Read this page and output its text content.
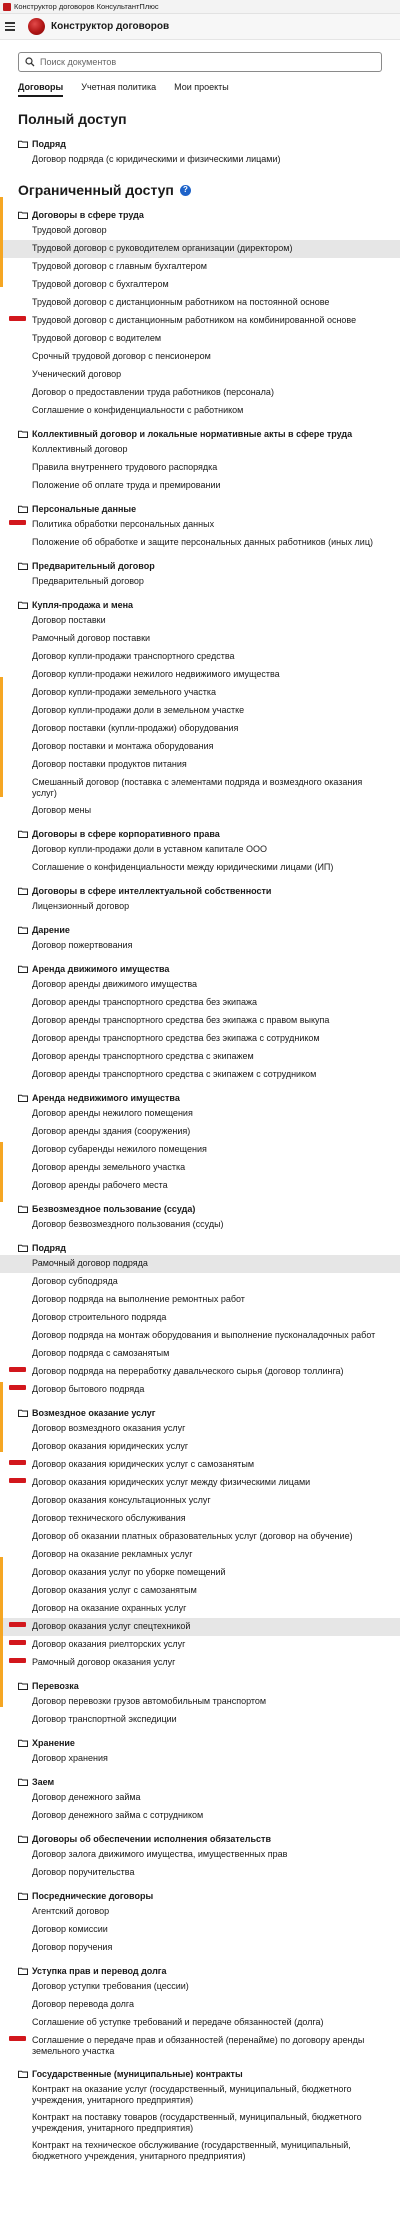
Конструктор договоров КонсультантПлюс
Конструктор договоров
Поиск документов
Договоры Учетная политика Мои проекты
Полный доступ
Подряд
Договор подряда (с юридическими и физическими лицами)
Ограниченный доступ	?
Договоры в сфере труда
Трудовой договор
Трудовой договор с руководителем организации (директором)
Трудовой договор с главным бухгалтером
Трудовой договор с бухгалтером
Трудовой договор с дистанционным работником на постоянной основе
Трудовой договор с дистанционным работником на комбинированной основе
Трудовой договор с водителем
Срочный трудовой договор с пенсионером
Ученический договор
Договор о предоставлении труда работников (персонала)
Соглашение о конфиденциальности с работником
Коллективный договор и локальные нормативные акты в сфере труда
Коллективный договор
Правила внутреннего трудового распорядка
Положение об оплате труда и премировании
Персональные данные
Политика обработки персональных данных
Положение об обработке и защите персональных данных работников (иных лиц)
Предварительный договор
Предварительный договор
Купля-продажа и мена
Договор поставки
Рамочный договор поставки
Договор купли-продажи транспортного средства
Договор купли-продажи нежилого недвижимого имущества
Договор купли-продажи земельного участка
Договор купли-продажи доли в земельном участке
Договор поставки (купли-продажи) оборудования
Договор поставки и монтажа оборудования
Договор поставки продуктов питания
Смешанный договор (поставка с элементами подряда и возмездного оказания услуг)
Договор мены
Договоры в сфере корпоративного права
Договор купли-продажи доли в уставном капитале ООО
Соглашение о конфиденциальности между юридическими лицами (ИП)
Договоры в сфере интеллектуальной собственности
Лицензионный договор
Дарение
Договор пожертвования
Аренда движимого имущества
Договор аренды движимого имущества
Договор аренды транспортного средства без экипажа
Договор аренды транспортного средства без экипажа с правом выкупа
Договор аренды транспортного средства без экипажа с сотрудником
Договор аренды транспортного средства с экипажем
Договор аренды транспортного средства с экипажем с сотрудником
Аренда недвижимого имущества
Договор аренды нежилого помещения
Договор аренды здания (сооружения)
Договор субаренды нежилого помещения
Договор аренды земельного участка
Договор аренды рабочего места
Безвозмездное пользование (ссуда)
Договор безвозмездного пользования (ссуды)
Подряд
Рамочный договор подряда
Договор субподряда
Договор подряда на выполнение ремонтных работ
Договор строительного подряда
Договор подряда на монтаж оборудования и выполнение пусконаладочных работ
Договор подряда с самозанятым
Договор подряда на переработку давальческого сырья (договор толлинга)
Договор бытового подряда
Возмездное оказание услуг
Договор возмездного оказания услуг
Договор оказания юридических услуг
Договор оказания юридических услуг с самозанятым
Договор оказания юридических услуг между физическими лицами
Договор оказания консультационных услуг
Договор технического обслуживания
Договор об оказании платных образовательных услуг (договор на обучение)
Договор на оказание рекламных услуг
Договор оказания услуг по уборке помещений
Договор оказания услуг с самозанятым
Договор на оказание охранных услуг
Договор оказания услуг спецтехникой
Договор оказания риелторских услуг
Рамочный договор оказания услуг
Перевозка
Договор перевозки грузов автомобильным транспортом
Договор транспортной экспедиции
Хранение
Договор хранения
Заем
Договор денежного займа
Договор денежного займа с сотрудником
Договоры об обеспечении исполнения обязательств
Договор залога движимого имущества, имущественных прав
Договор поручительства
Посреднические договоры
Агентский договор
Договор комиссии
Договор поручения
Уступка прав и перевод долга
Договор уступки требования (цессии)
Договор перевода долга
Соглашение об уступке требований и передаче обязанностей (долга)
Соглашение о передаче прав и обязанностей (перенайме) по договору аренды земельного участка
Государственные (муниципальные) контракты
Контракт на оказание услуг (государственный, муниципальный, бюджетного учреждения, унитарного предприятия)
Контракт на поставку товаров (государственный, муниципальный, бюджетного учреждения, унитарного предприятия)
Контракт на техническое обслуживание (государственный, муниципальный, бюджетного учреждения, унитарного предприятия)
